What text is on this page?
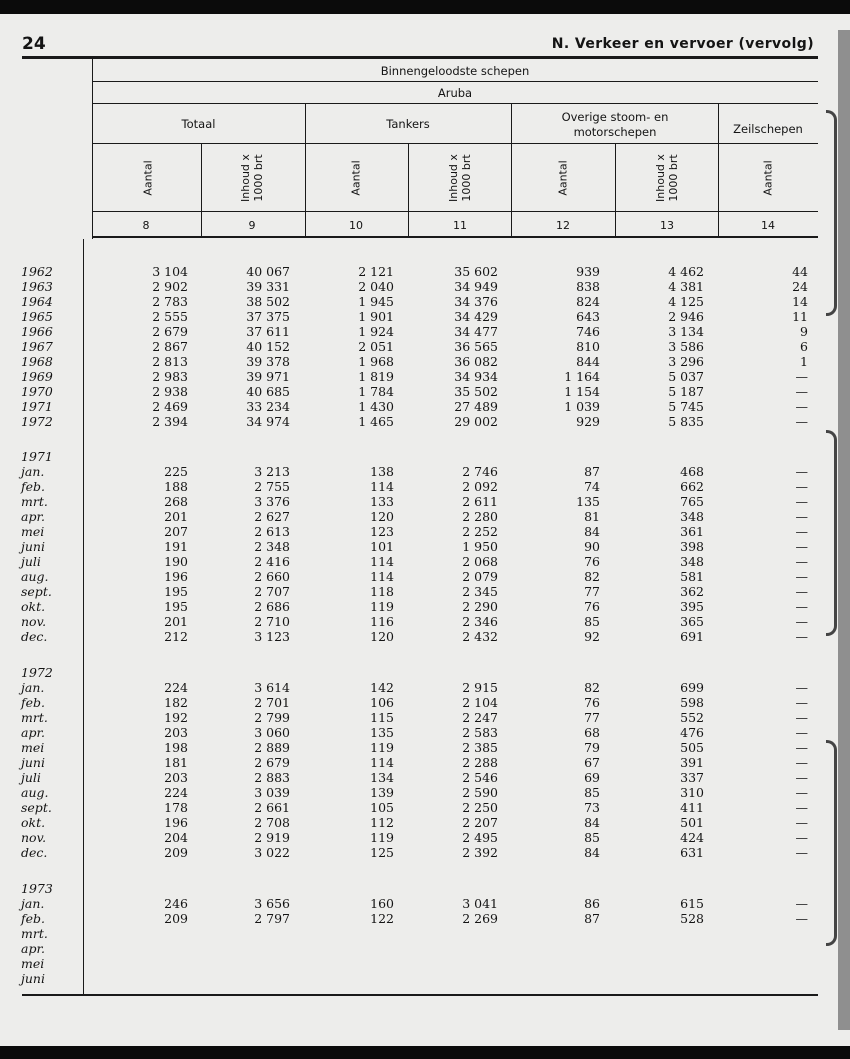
24	N. Verkeer en vervoer (vervolg)
Binnengeloodste schepen
Aruba
Totaal	Tankers	Overige stoom- en motorschepen	Zeilschepen
Aantal	Inhoud x 1000 brt	Aantal	Inhoud x 1000 brt	Aantal	Inhoud x 1000 brt	Aantal
8	9	10	11	12	13	14
1962	3 104	40 067	2 121	35 602	939	4 462	44
1963	2 902	39 331	2 040	34 949	838	4 381	24
1964	2 783	38 502	1 945	34 376	824	4 125	14
1965	2 555	37 375	1 901	34 429	643	2 946	11
1966	2 679	37 611	1 924	34 477	746	3 134	9
1967	2 867	40 152	2 051	36 565	810	3 586	6
1968	2 813	39 378	1 968	36 082	844	3 296	1
1969	2 983	39 971	1 819	34 934	1 164	5 037	—
1970	2 938	40 685	1 784	35 502	1 154	5 187	—
1971	2 469	33 234	1 430	27 489	1 039	5 745	—
1972	2 394	34 974	1 465	29 002	929	5 835	—
1971
jan.	225	3 213	138	2 746	87	468	—
feb.	188	2 755	114	2 092	74	662	—
mrt.	268	3 376	133	2 611	135	765	—
apr.	201	2 627	120	2 280	81	348	—
mei	207	2 613	123	2 252	84	361	—
juni	191	2 348	101	1 950	90	398	—
juli	190	2 416	114	2 068	76	348	—
aug.	196	2 660	114	2 079	82	581	—
sept.	195	2 707	118	2 345	77	362	—
okt.	195	2 686	119	2 290	76	395	—
nov.	201	2 710	116	2 346	85	365	—
dec.	212	3 123	120	2 432	92	691	—
1972
jan.	224	3 614	142	2 915	82	699	—
feb.	182	2 701	106	2 104	76	598	—
mrt.	192	2 799	115	2 247	77	552	—
apr.	203	3 060	135	2 583	68	476	—
mei	198	2 889	119	2 385	79	505	—
juni	181	2 679	114	2 288	67	391	—
juli	203	2 883	134	2 546	69	337	—
aug.	224	3 039	139	2 590	85	310	—
sept.	178	2 661	105	2 250	73	411	—
okt.	196	2 708	112	2 207	84	501	—
nov.	204	2 919	119	2 495	85	424	—
dec.	209	3 022	125	2 392	84	631	—
1973
jan.	246	3 656	160	3 041	86	615	—
feb.	209	2 797	122	2 269	87	528	—
mrt.
apr.
mei
juni
